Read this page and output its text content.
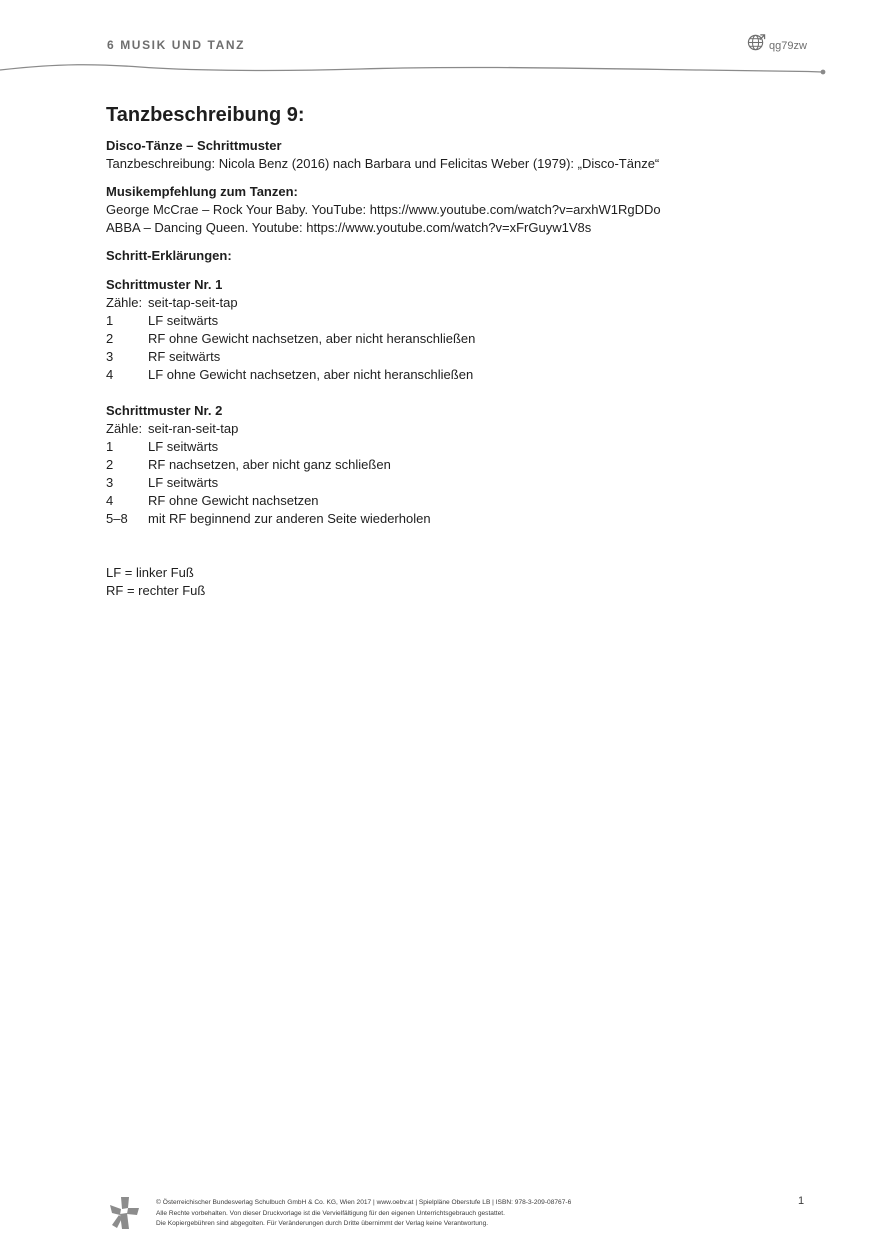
6 MUSIK UND TANZ	qg79zw
Tanzbeschreibung 9:
Disco-Tänze – Schrittmuster
Tanzbeschreibung: Nicola Benz (2016) nach Barbara und Felicitas Weber (1979): „Disco-Tänze“
Musikempfehlung zum Tanzen:
George McCrae – Rock Your Baby. YouTube: https://www.youtube.com/watch?v=arxhW1RgDDo
ABBA – Dancing Queen. Youtube: https://www.youtube.com/watch?v=xFrGuyw1V8s
Schritt-Erklärungen:
Schrittmuster Nr. 1
Zähle: seit-tap-seit-tap
1	LF seitwärts
2	RF ohne Gewicht nachsetzen, aber nicht heranschließen
3	RF seitwärts
4	LF ohne Gewicht nachsetzen, aber nicht heranschließen
Schrittmuster Nr. 2
Zähle: seit-ran-seit-tap
1	LF seitwärts
2	RF nachsetzen, aber nicht ganz schließen
3	LF seitwärts
4	RF ohne Gewicht nachsetzen
5–8	mit RF beginnend zur anderen Seite wiederholen
LF = linker Fuß
RF = rechter Fuß
© Österreichischer Bundesverlag Schulbuch GmbH & Co. KG, Wien 2017 | www.oebv.at | Spielpläne Oberstufe LB | ISBN: 978-3-209-08767-6
Alle Rechte vorbehalten. Von dieser Druckvorlage ist die Vervielfältigung für den eigenen Unterrichtsgebrauch gestattet.
Die Kopiergebühren sind abgegolten. Für Veränderungen durch Dritte übernimmt der Verlag keine Verantwortung.
1
